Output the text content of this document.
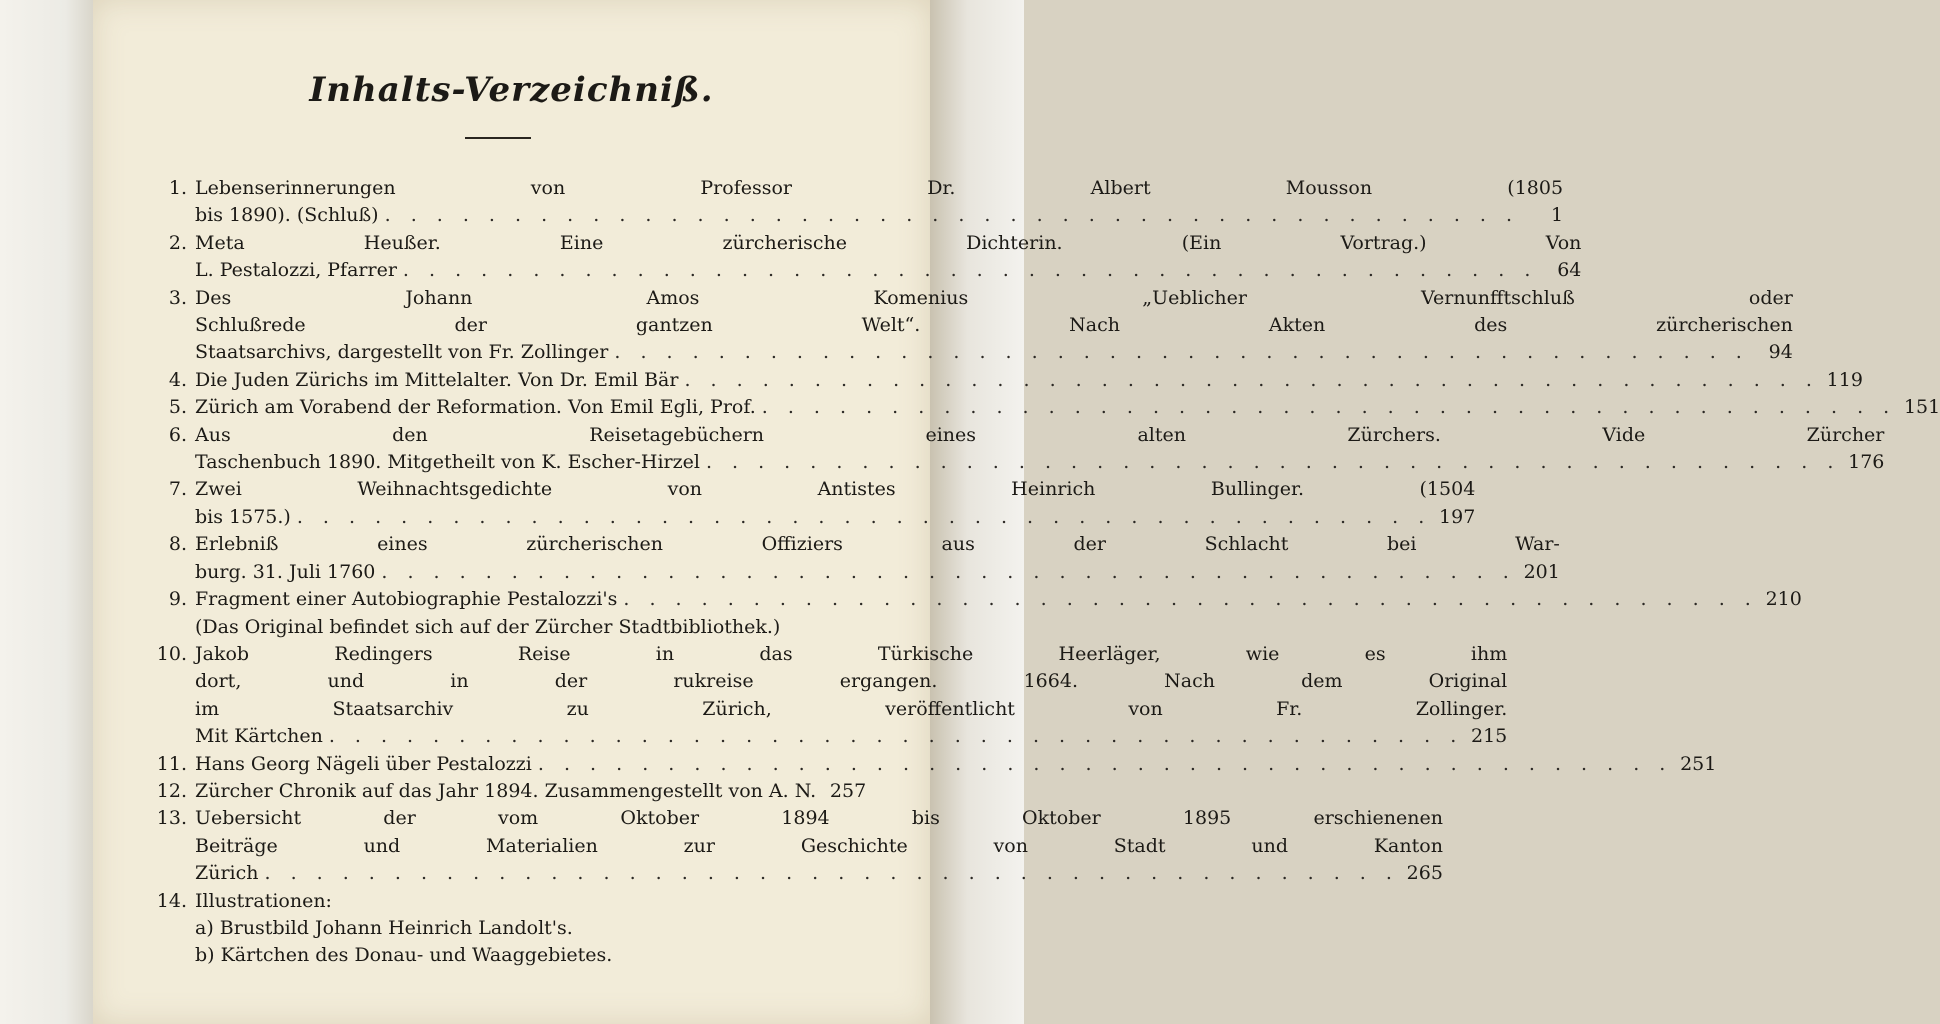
Inhalts-Verzeichniß.
1. Lebenserinnerungen von Professor Dr. Albert Mousson (1805
bis 1890). (Schluß) . . . . . . . . . . . . . . . . . . . . . . . . . . . . . . . . . . . . . . . . . . . .	1
2. Meta Heußer. Eine zürcherische Dichterin. (Ein Vortrag.) Von
L. Pestalozzi, Pfarrer . . . . . . . . . . . . . . . . . . . . . . . . . . . . . . . . . . . . . . . . . . . .	64
3. Des Johann Amos Komenius „Ueblicher Vernunfftschluß oder
Schlußrede der gantzen Welt“. Nach Akten des zürcherischen
Staatsarchivs, dargestellt von Fr. Zollinger . . . . . . . . . . . . . . . . . . . . . . . . . . . . . . . . . . . . . . . . . . . .	94
4. Die Juden Zürichs im Mittelalter. Von Dr. Emil Bär . . . . . . . . . . . . . . . . . . . . . . . . . . . . . . . . . . . . . . . . . . . . 119
5. Zürich am Vorabend der Reformation. Von Emil Egli, Prof. . . . . . . . . . . . . . . . . . . . . . . . . . . . . . . . . . . . . . . . . . . . . 151
6. Aus den Reisetagebüchern eines alten Zürchers. Vide Zürcher
Taschenbuch 1890. Mitgetheilt von K. Escher-Hirzel . . . . . . . . . . . . . . . . . . . . . . . . . . . . . . . . . . . . . . . . . . . . 176
7. Zwei Weihnachtsgedichte von Antistes Heinrich Bullinger. (1504
bis 1575.) . . . . . . . . . . . . . . . . . . . . . . . . . . . . . . . . . . . . . . . . . . . . 197
8. Erlebniß eines zürcherischen Offiziers aus der Schlacht bei War-
burg. 31. Juli 1760 . . . . . . . . . . . . . . . . . . . . . . . . . . . . . . . . . . . . . . . . . . . . 201
9. Fragment einer Autobiographie Pestalozzi's . . . . . . . . . . . . . . . . . . . . . . . . . . . . . . . . . . . . . . . . . . . . 210
(Das Original befindet sich auf der Zürcher Stadtbibliothek.)
10. Jakob Redingers Reise in das Türkische Heerläger, wie es ihm
dort, und in der rukreise ergangen. 1664. Nach dem Original
im Staatsarchiv zu Zürich, veröffentlicht von Fr. Zollinger.
Mit Kärtchen . . . . . . . . . . . . . . . . . . . . . . . . . . . . . . . . . . . . . . . . . . . . 215
11. Hans Georg Nägeli über Pestalozzi . . . . . . . . . . . . . . . . . . . . . . . . . . . . . . . . . . . . . . . . . . . . 251
12. Zürcher Chronik auf das Jahr 1894. Zusammengestellt von A. N. 257
13. Uebersicht der vom Oktober 1894 bis Oktober 1895 erschienenen
Beiträge und Materialien zur Geschichte von Stadt und Kanton
Zürich . . . . . . . . . . . . . . . . . . . . . . . . . . . . . . . . . . . . . . . . . . . . 265
14. Illustrationen:
a) Brustbild Johann Heinrich Landolt's.
b) Kärtchen des Donau- und Waaggebietes.
